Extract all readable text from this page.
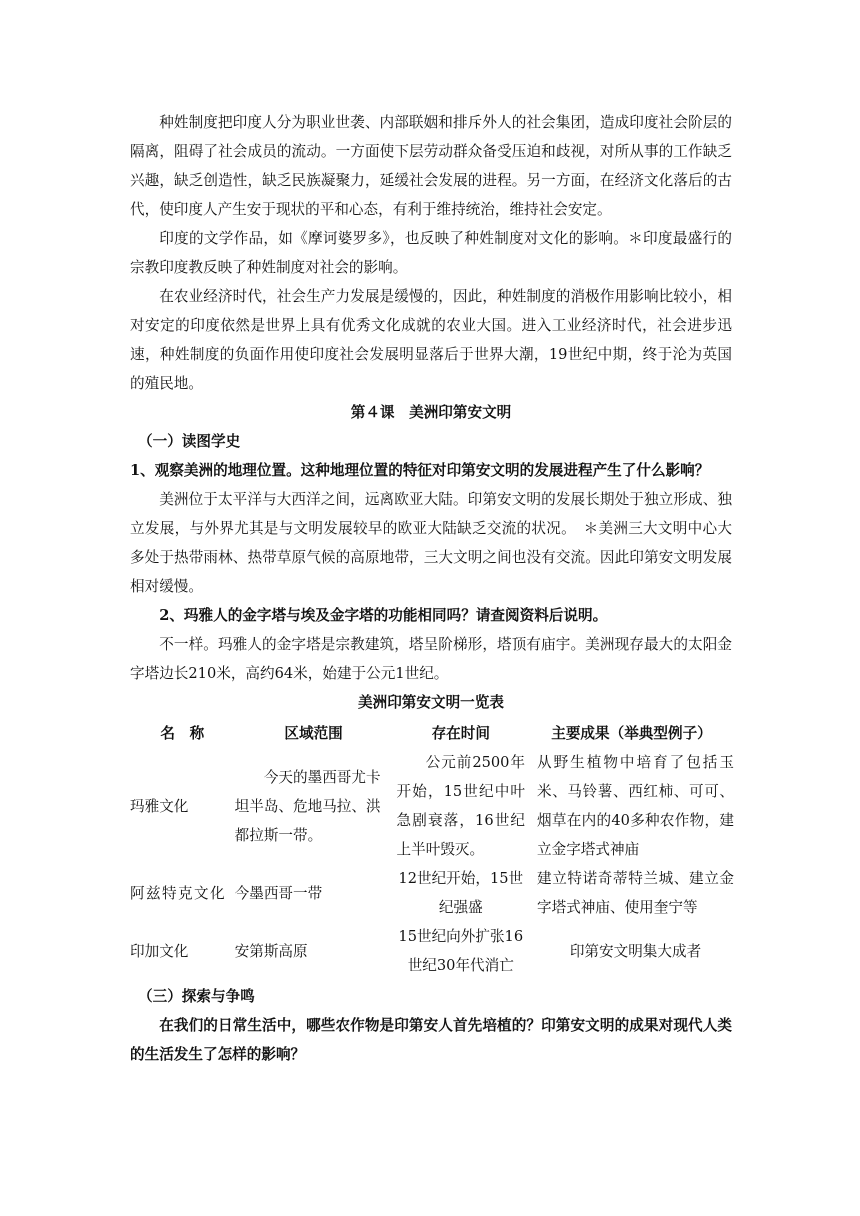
种姓制度把印度人分为职业世袭、内部联姻和排斥外人的社会集团，造成印度社会阶层的隔离，阻碍了社会成员的流动。一方面使下层劳动群众备受压迫和歧视，对所从事的工作缺乏兴趣，缺乏创造性，缺乏民族凝聚力，延缓社会发展的进程。另一方面，在经济文化落后的古代，使印度人产生安于现状的平和心态，有利于维持统治，维持社会安定。

印度的文学作品，如《摩诃婆罗多》，也反映了种姓制度对文化的影响。＊印度最盛行的宗教印度教反映了种姓制度对社会的影响。

在农业经济时代，社会生产力发展是缓慢的，因此，种姓制度的消极作用影响比较小，相对安定的印度依然是世界上具有优秀文化成就的农业大国。进入工业经济时代，社会进步迅速，种姓制度的负面作用使印度社会发展明显落后于世界大潮，19世纪中期，终于沦为英国的殖民地。

第４课　美洲印第安文明

（一）读图学史

1、观察美洲的地理位置。这种地理位置的特征对印第安文明的发展进程产生了什么影响？

美洲位于太平洋与大西洋之间，远离欧亚大陆。印第安文明的发展长期处于独立形成、独立发展，与外界尤其是与文明发展较早的欧亚大陆缺乏交流的状况。　＊美洲三大文明中心大多处于热带雨林、热带草原气候的高原地带，三大文明之间也没有交流。因此印第安文明发展相对缓慢。

2、玛雅人的金字塔与埃及金字塔的功能相同吗？请查阅资料后说明。

不一样。玛雅人的金字塔是宗教建筑，塔呈阶梯形，塔顶有庙宇。美洲现存最大的太阳金字塔边长210米，高约64米，始建于公元1世纪。

美洲印第安文明一览表

名　称	区域范围	存在时间	主要成果（举典型例子）
玛雅文化	今天的墨西哥尤卡坦半岛、危地马拉、洪都拉斯一带。	公元前2500年开始，15世纪中叶急剧衰落，16世纪上半叶毁灭。	从野生植物中培育了包括玉米、马铃薯、西红柿、可可、烟草在内的40多种农作物，建立金字塔式神庙
阿兹特克文化	今墨西哥一带	12世纪开始，15世纪强盛	建立特诺奇蒂特兰城、建立金字塔式神庙、使用奎宁等
印加文化	安第斯高原	15世纪向外扩张16世纪30年代消亡	印第安文明集大成者

（三）探索与争鸣

在我们的日常生活中，哪些农作物是印第安人首先培植的？印第安文明的成果对现代人类的生活发生了怎样的影响？
